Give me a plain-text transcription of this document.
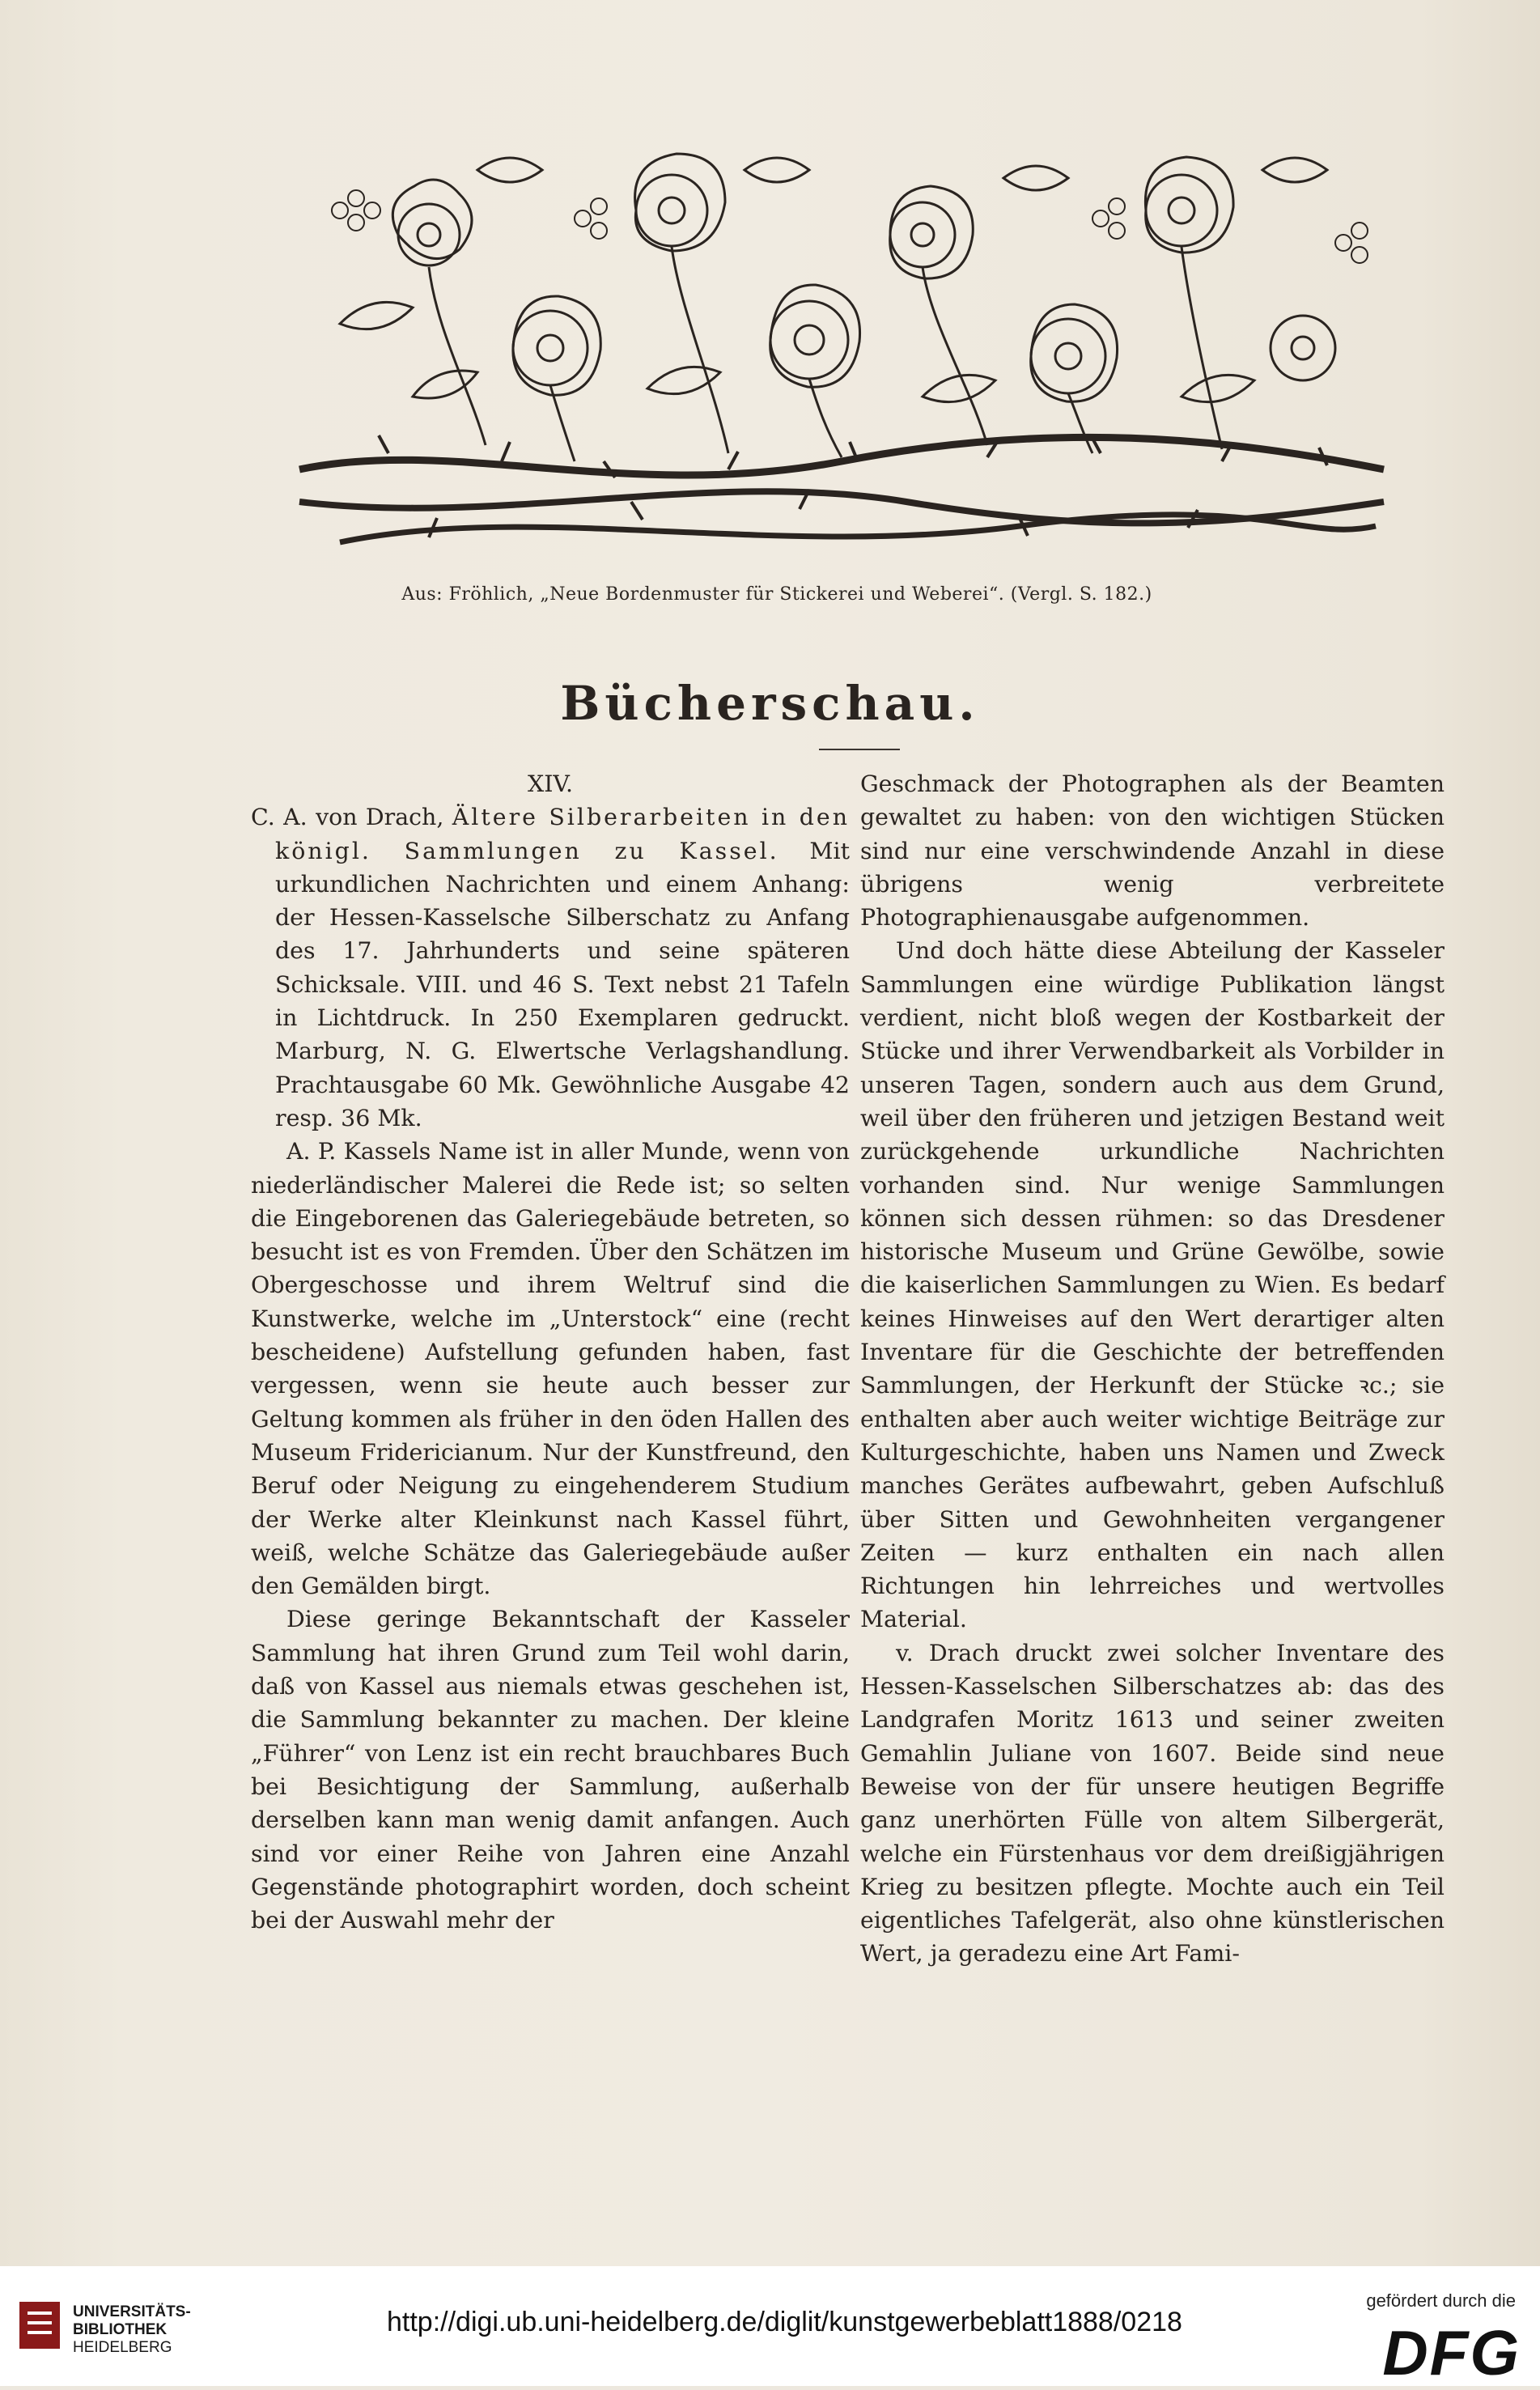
Aus: Fröhlich, „Neue Bordenmuster für Stickerei und Weberei“. (Vergl. S. 182.)
Bücherschau.

XIV.

C. A. von Drach, Ältere Silberarbeiten in den königl. Sammlungen zu Kassel. Mit urkundlichen Nachrichten und einem Anhang: der Hessen-Kasselsche Silberschatz zu Anfang des 17. Jahrhunderts und seine späteren Schicksale. VIII. und 46 S. Text nebst 21 Tafeln in Lichtdruck. In 250 Exemplaren gedruckt. Marburg, N. G. Elwertsche Verlagshandlung. Prachtausgabe 60 Mk. Gewöhnliche Ausgabe 42 resp. 36 Mk.

A. P. Kassels Name ist in aller Munde, wenn von niederländischer Malerei die Rede ist; so selten die Eingeborenen das Galeriegebäude betreten, so besucht ist es von Fremden. Über den Schätzen im Obergeschosse und ihrem Weltruf sind die Kunstwerke, welche im „Unterstock“ eine (recht bescheidene) Aufstellung gefunden haben, fast vergessen, wenn sie heute auch besser zur Geltung kommen als früher in den öden Hallen des Museum Fridericianum. Nur der Kunstfreund, den Beruf oder Neigung zu eingehenderem Studium der Werke alter Kleinkunst nach Kassel führt, weiß, welche Schätze das Galeriegebäude außer den Gemälden birgt.

Diese geringe Bekanntschaft der Kasseler Sammlung hat ihren Grund zum Teil wohl darin, daß von Kassel aus niemals etwas geschehen ist, die Sammlung bekannter zu machen. Der kleine „Führer“ von Lenz ist ein recht brauchbares Buch bei Besichtigung der Sammlung, außerhalb derselben kann man wenig damit anfangen. Auch sind vor einer Reihe von Jahren eine Anzahl Gegenstände photographirt worden, doch scheint bei der Auswahl mehr der

Geschmack der Photographen als der Beamten gewaltet zu haben: von den wichtigen Stücken sind nur eine verschwindende Anzahl in diese übrigens wenig verbreitete Photographienausgabe aufgenommen.

Und doch hätte diese Abteilung der Kasseler Sammlungen eine würdige Publikation längst verdient, nicht bloß wegen der Kostbarkeit der Stücke und ihrer Verwendbarkeit als Vorbilder in unseren Tagen, sondern auch aus dem Grund, weil über den früheren und jetzigen Bestand weit zurückgehende urkundliche Nachrichten vorhanden sind. Nur wenige Sammlungen können sich dessen rühmen: so das Dresdener historische Museum und Grüne Gewölbe, sowie die kaiserlichen Sammlungen zu Wien. Es bedarf keines Hinweises auf den Wert derartiger alten Inventare für die Geschichte der betreffenden Sammlungen, der Herkunft der Stücke ꝛc.; sie enthalten aber auch weiter wichtige Beiträge zur Kulturgeschichte, haben uns Namen und Zweck manches Gerätes aufbewahrt, geben Aufschluß über Sitten und Gewohnheiten vergangener Zeiten — kurz enthalten ein nach allen Richtungen hin lehrreiches und wertvolles Material.

v. Drach druckt zwei solcher Inventare des Hessen-Kasselschen Silberschatzes ab: das des Landgrafen Moritz 1613 und seiner zweiten Gemahlin Juliane von 1607. Beide sind neue Beweise von der für unsere heutigen Begriffe ganz unerhörten Fülle von altem Silbergerät, welche ein Fürstenhaus vor dem dreißigjährigen Krieg zu besitzen pflegte. Mochte auch ein Teil eigentliches Tafelgerät, also ohne künstlerischen Wert, ja geradezu eine Art Fami-

UNIVERSITÄTS-
BIBLIOTHEK
HEIDELBERG
http://digi.ub.uni-heidelberg.de/diglit/kunstgewerbeblatt1888/0218
gefördert durch die
DFG
